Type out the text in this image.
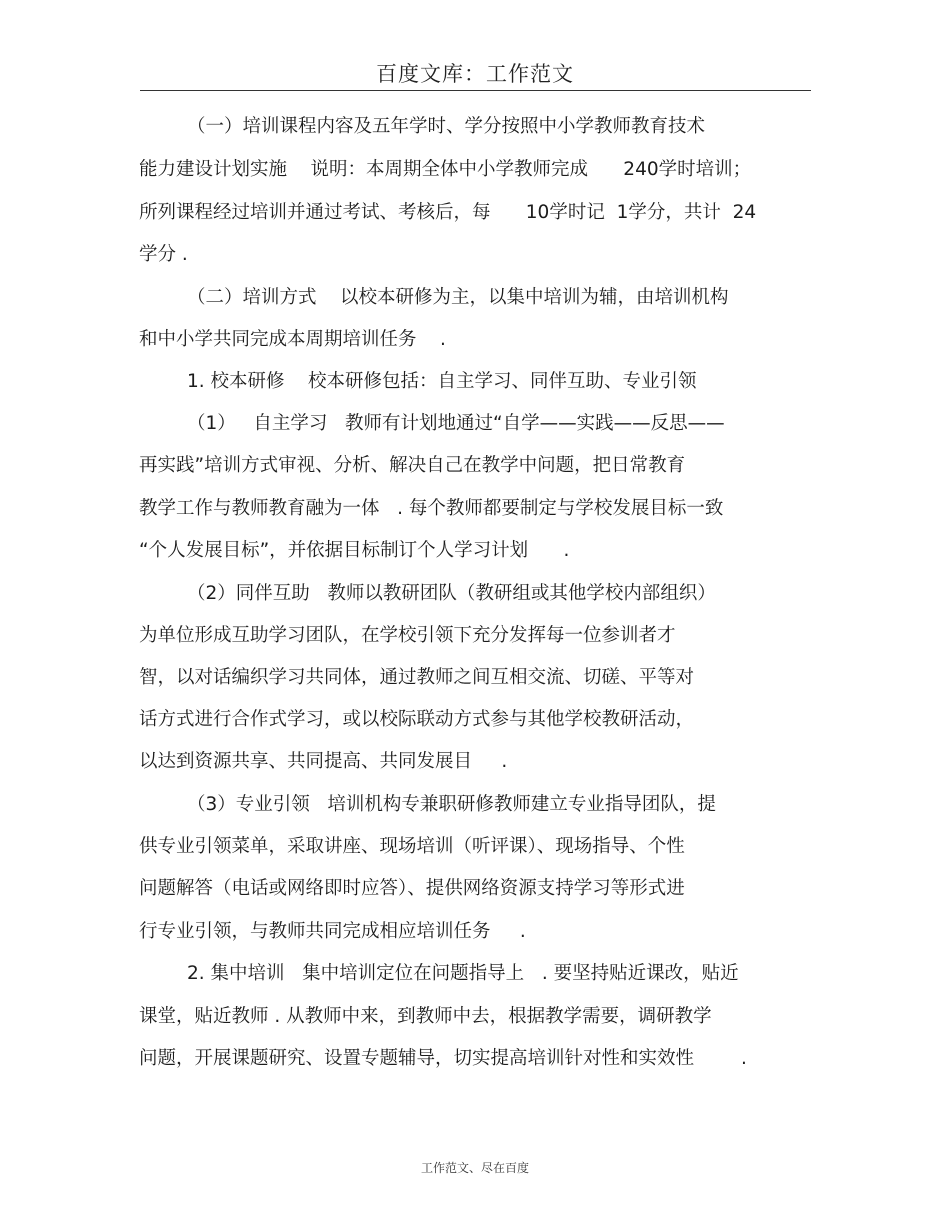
百度文库：工作范文
（一）培训课程内容及五年学时、学分按照中小学教师教育技术
能力建设计划实施    说明：本周期全体中小学教师完成      240学时培训；
所列课程经过培训并通过考试、考核后，每      10学时记  1学分，共计  24
学分 .
（二）培训方式    以校本研修为主，以集中培训为辅，由培训机构
和中小学共同完成本周期培训任务    .
1. 校本研修    校本研修包括：自主学习、同伴互助、专业引领
（1）   自主学习   教师有计划地通过“自学——实践——反思——
再实践”培训方式审视、分析、解决自己在教学中问题，把日常教育
教学工作与教师教育融为一体   . 每个教师都要制定与学校发展目标一致
“个人发展目标”，并依据目标制订个人学习计划      .
（2）同伴互助   教师以教研团队（教研组或其他学校内部组织）
为单位形成互助学习团队，在学校引领下充分发挥每一位参训者才
智，以对话编织学习共同体，通过教师之间互相交流、切磋、平等对
话方式进行合作式学习，或以校际联动方式参与其他学校教研活动，
以达到资源共享、共同提高、共同发展目     .
（3）专业引领   培训机构专兼职研修教师建立专业指导团队，提
供专业引领菜单，采取讲座、现场培训（听评课）、现场指导、个性
问题解答（电话或网络即时应答）、提供网络资源支持学习等形式进
行专业引领，与教师共同完成相应培训任务     .
2. 集中培训   集中培训定位在问题指导上   . 要坚持贴近课改，贴近
课堂，贴近教师 . 从教师中来，到教师中去，根据教学需要，调研教学
问题，开展课题研究、设置专题辅导，切实提高培训针对性和实效性        .
工作范文、尽在百度
